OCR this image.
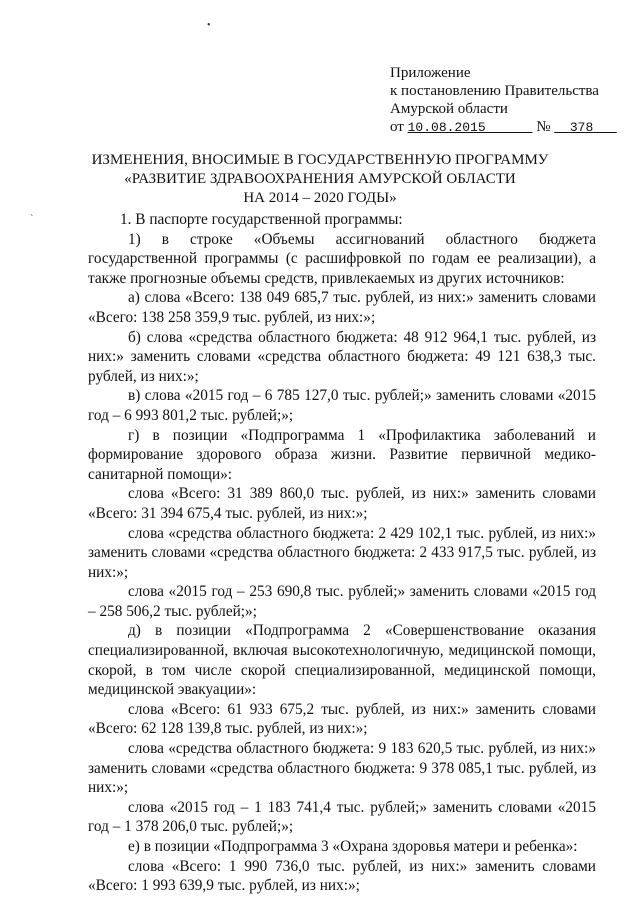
•
`
Приложение
к постановлению Правительства
Амурской области
от 10.08.2015	№ 378
ИЗМЕНЕНИЯ, ВНОСИМЫЕ В ГОСУДАРСТВЕННУЮ ПРОГРАММУ
«РАЗВИТИЕ ЗДРАВООХРАНЕНИЯ АМУРСКОЙ ОБЛАСТИ
НА 2014 – 2020 ГОДЫ»

1. В паспорте государственной программы:

1) в строке «Объемы ассигнований областного бюджета государственной программы (с расшифровкой по годам ее реализации), а также прогнозные объемы средств, привлекаемых из других источников:

а) слова «Всего: 138 049 685,7 тыс. рублей, из них:» заменить словами «Всего: 138 258 359,9 тыс. рублей, из них:»;

б) слова «средства областного бюджета: 48 912 964,1 тыс. рублей, из них:» заменить словами «средства областного бюджета: 49 121 638,3 тыс. рублей, из них:»;

в) слова «2015 год – 6 785 127,0 тыс. рублей;» заменить словами «2015 год – 6 993 801,2 тыс. рублей;»;

г) в позиции «Подпрограмма 1 «Профилактика заболеваний и формирование здорового образа жизни. Развитие первичной медико-санитарной помощи»:

слова «Всего: 31 389 860,0 тыс. рублей, из них:» заменить словами «Всего: 31 394 675,4 тыс. рублей, из них:»;

слова «средства областного бюджета: 2 429 102,1 тыс. рублей, из них:» заменить словами «средства областного бюджета: 2 433 917,5 тыс. рублей, из них:»;

слова «2015 год – 253 690,8 тыс. рублей;» заменить словами «2015 год – 258 506,2 тыс. рублей;»;

д) в позиции «Подпрограмма 2 «Совершенствование оказания специализированной, включая высокотехнологичную, медицинской помощи, скорой, в том числе скорой специализированной, медицинской помощи, медицинской эвакуации»:

слова «Всего: 61 933 675,2 тыс. рублей, из них:» заменить словами «Всего: 62 128 139,8 тыс. рублей, из них:»;

слова «средства областного бюджета: 9 183 620,5 тыс. рублей, из них:» заменить словами «средства областного бюджета: 9 378 085,1 тыс. рублей, из них:»;

слова «2015 год – 1 183 741,4 тыс. рублей;» заменить словами «2015 год – 1 378 206,0 тыс. рублей;»;

е) в позиции «Подпрограмма 3 «Охрана здоровья матери и ребенка»:

слова «Всего: 1 990 736,0 тыс. рублей, из них:» заменить словами «Всего: 1 993 639,9 тыс. рублей, из них:»;
